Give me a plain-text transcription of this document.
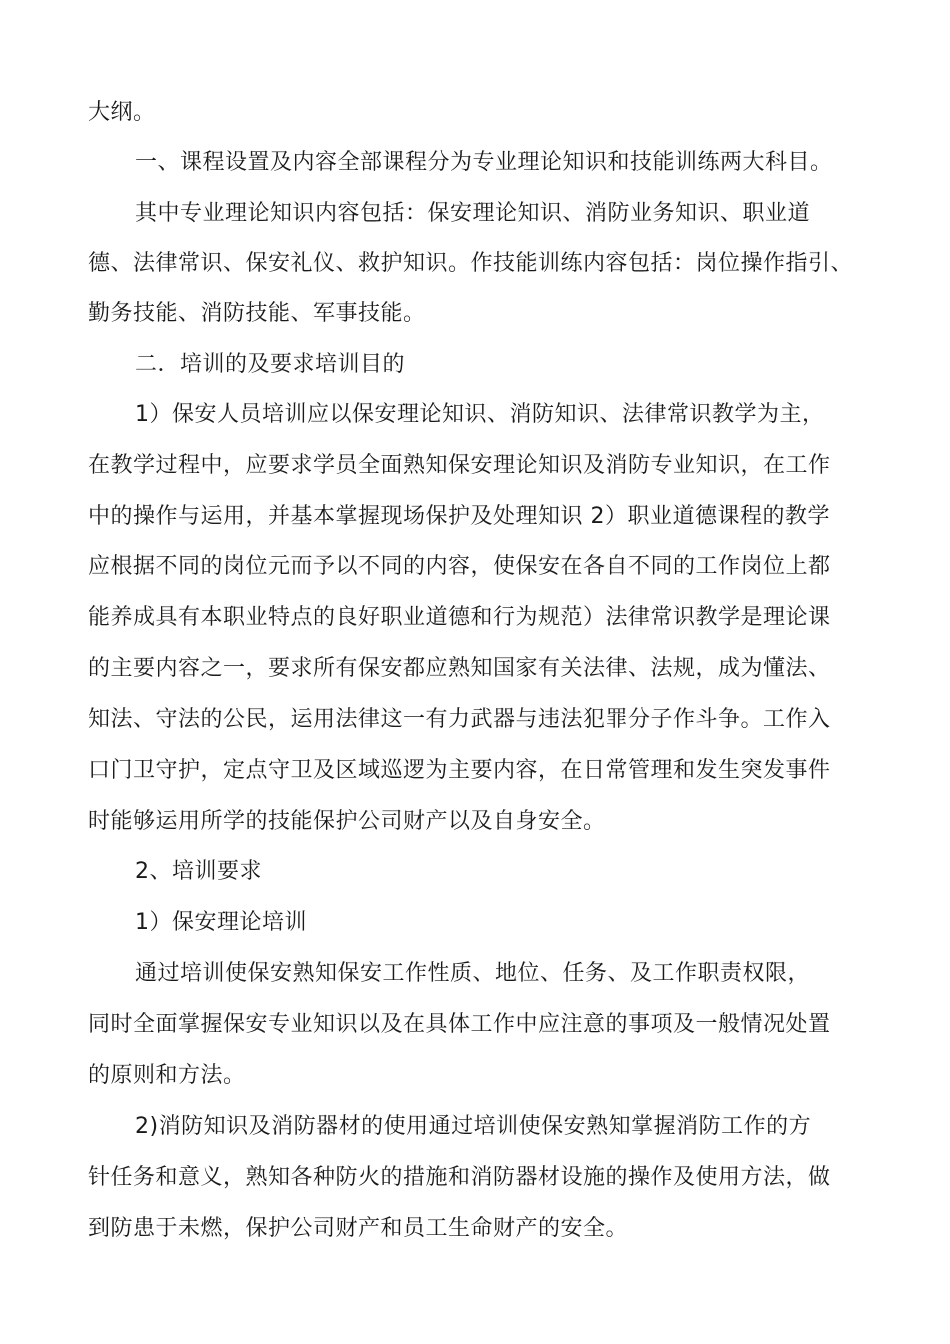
大纲。
一、课程设置及内容全部课程分为专业理论知识和技能训练两大科目。
其中专业理论知识内容包括：保安理论知识、消防业务知识、职业道
德、法律常识、保安礼仪、救护知识。作技能训练内容包括：岗位操作指引、
勤务技能、消防技能、军事技能。
二．培训的及要求培训目的
1）保安人员培训应以保安理论知识、消防知识、法律常识教学为主，
在教学过程中，应要求学员全面熟知保安理论知识及消防专业知识，在工作
中的操作与运用，并基本掌握现场保护及处理知识 2）职业道德课程的教学
应根据不同的岗位元而予以不同的内容，使保安在各自不同的工作岗位上都
能养成具有本职业特点的良好职业道德和行为规范）法律常识教学是理论课
的主要内容之一，要求所有保安都应熟知国家有关法律、法规，成为懂法、
知法、守法的公民，运用法律这一有力武器与违法犯罪分子作斗争。工作入
口门卫守护，定点守卫及区域巡逻为主要内容，在日常管理和发生突发事件
时能够运用所学的技能保护公司财产以及自身安全。
2、培训要求
1）保安理论培训
通过培训使保安熟知保安工作性质、地位、任务、及工作职责权限，
同时全面掌握保安专业知识以及在具体工作中应注意的事项及一般情况处置
的原则和方法。
2)消防知识及消防器材的使用通过培训使保安熟知掌握消防工作的方
针任务和意义，熟知各种防火的措施和消防器材设施的操作及使用方法，做
到防患于未燃，保护公司财产和员工生命财产的安全。
